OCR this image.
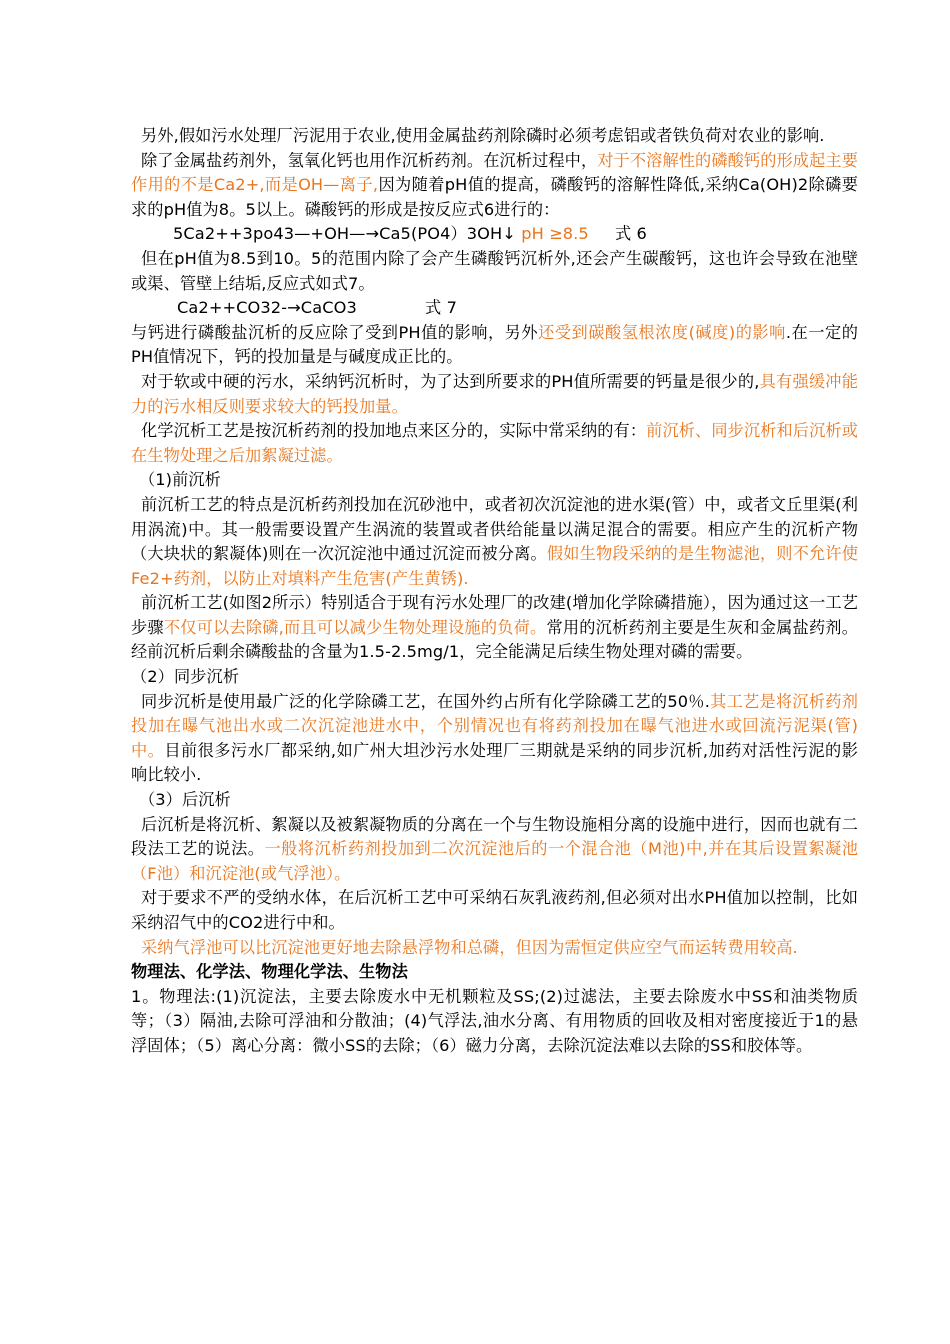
另外,假如污水处理厂污泥用于农业,使用金属盐药剂除磷时必须考虑铝或者铁负荷对农业的影响.

除了金属盐药剂外，氢氧化钙也用作沉析药剂。在沉析过程中，对于不溶解性的磷酸钙的形成起主要作用的不是Ca2+,而是OH—离子,因为随着pH值的提高，磷酸钙的溶解性降低,采纳Ca(OH)2除磷要求的pH值为8。5以上。磷酸钙的形成是按反应式6进行的：

5Ca2++3po43—+OH—→Ca5(PO4）3OH↓ pH ≥8.5     式 6

但在pH值为8.5到10。5的范围内除了会产生磷酸钙沉析外,还会产生碳酸钙，这也许会导致在池壁或渠、管壁上结垢,反应式如式7。

Ca2++CO32-→CaCO3             式 7

与钙进行磷酸盐沉析的反应除了受到PH值的影响，另外还受到碳酸氢根浓度(碱度)的影响.在一定的PH值情况下，钙的投加量是与碱度成正比的。

对于软或中硬的污水，采纳钙沉析时，为了达到所要求的PH值所需要的钙量是很少的,具有强缓冲能力的污水相反则要求较大的钙投加量。

化学沉析工艺是按沉析药剂的投加地点来区分的，实际中常采纳的有：前沉析、同步沉析和后沉析或在生物处理之后加絮凝过滤。

（1)前沉析

前沉析工艺的特点是沉析药剂投加在沉砂池中，或者初次沉淀池的进水渠(管）中，或者文丘里渠(利用涡流)中。其一般需要设置产生涡流的装置或者供给能量以满足混合的需要。相应产生的沉析产物（大块状的絮凝体)则在一次沉淀池中通过沉淀而被分离。假如生物段采纳的是生物滤池，则不允许使Fe2+药剂，以防止对填料产生危害(产生黄锈).

前沉析工艺(如图2所示）特别适合于现有污水处理厂的改建(增加化学除磷措施），因为通过这一工艺步骤不仅可以去除磷,而且可以减少生物处理设施的负荷。常用的沉析药剂主要是生灰和金属盐药剂。经前沉析后剩余磷酸盐的含量为1.5-2.5mg/1，完全能满足后续生物处理对磷的需要。

（2）同步沉析

同步沉析是使用最广泛的化学除磷工艺，在国外约占所有化学除磷工艺的50％.其工艺是将沉析药剂投加在曝气池出水或二次沉淀池进水中，个别情况也有将药剂投加在曝气池进水或回流污泥渠(管)中。目前很多污水厂都采纳,如广州大坦沙污水处理厂三期就是采纳的同步沉析,加药对活性污泥的影响比较小.

（3）后沉析

后沉析是将沉析、絮凝以及被絮凝物质的分离在一个与生物设施相分离的设施中进行，因而也就有二段法工艺的说法。一般将沉析药剂投加到二次沉淀池后的一个混合池（M池)中,并在其后设置絮凝池（F池）和沉淀池(或气浮池）。

对于要求不严的受纳水体，在后沉析工艺中可采纳石灰乳液药剂,但必须对出水PH值加以控制，比如采纳沼气中的CO2进行中和。

采纳气浮池可以比沉淀池更好地去除悬浮物和总磷，但因为需恒定供应空气而运转费用较高.

物理法、化学法、物理化学法、生物法

1。物理法:(1)沉淀法，主要去除废水中无机颗粒及SS;(2)过滤法，主要去除废水中SS和油类物质等；（3）隔油,去除可浮油和分散油；(4)气浮法,油水分离、有用物质的回收及相对密度接近于1的悬浮固体；（5）离心分离：微小SS的去除；（6）磁力分离，去除沉淀法难以去除的SS和胶体等。
